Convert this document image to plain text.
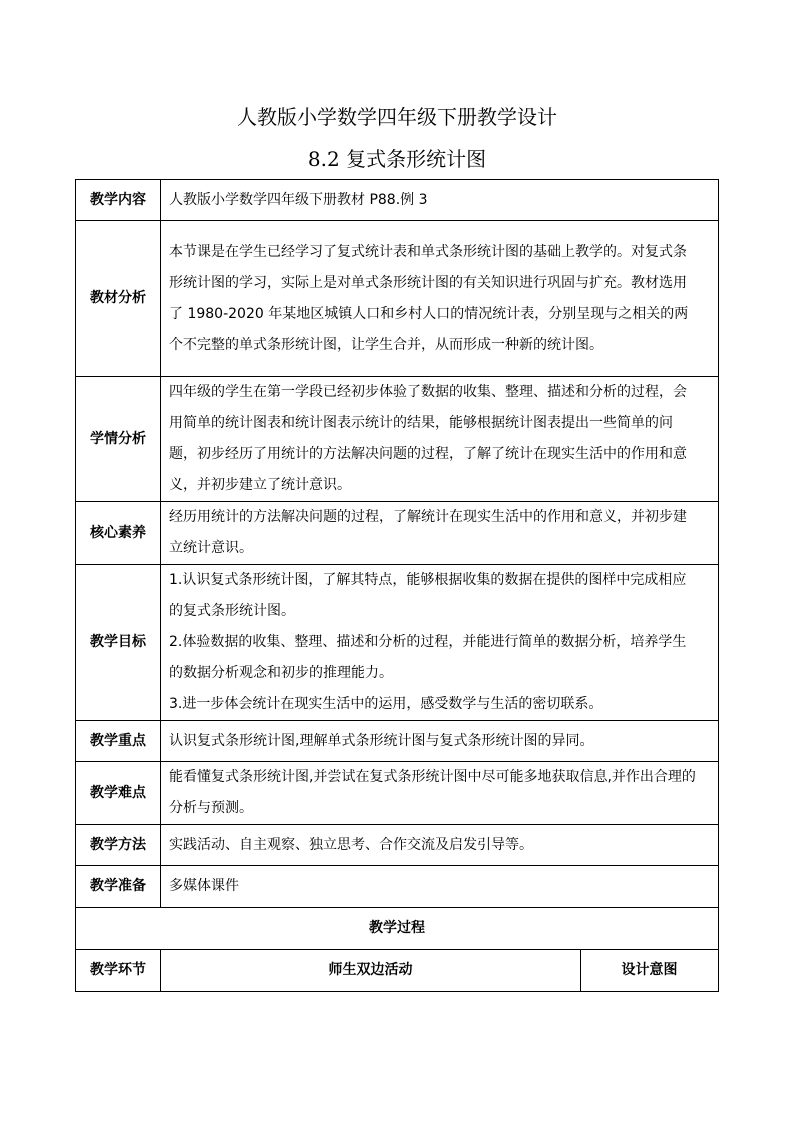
人教版小学数学四年级下册教学设计
8.2 复式条形统计图
教学内容	人教版小学数学四年级下册教材 P88.例 3	
教材分析	本节课是在学生已经学习了复式统计表和单式条形统计图的基础上教学的。对复式条形统计图的学习，实际上是对单式条形统计图的有关知识进行巩固与扩充。教材选用了 1980-2020 年某地区城镇人口和乡村人口的情况统计表，分别呈现与之相关的两个不完整的单式条形统计图，让学生合并，从而形成一种新的统计图。	
学情分析	四年级的学生在第一学段已经初步体验了数据的收集、整理、描述和分析的过程，会用简单的统计图表和统计图表示统计的结果，能够根据统计图表提出一些简单的问题，初步经历了用统计的方法解决问题的过程，了解了统计在现实生活中的作用和意义，并初步建立了统计意识。	
核心素养	经历用统计的方法解决问题的过程，了解统计在现实生活中的作用和意义，并初步建立统计意识。	
教学目标	1.认识复式条形统计图，了解其特点，能够根据收集的数据在提供的图样中完成相应的复式条形统计图。
2.体验数据的收集、整理、描述和分析的过程，并能进行简单的数据分析，培养学生的数据分析观念和初步的推理能力。
3.进一步体会统计在现实生活中的运用，感受数学与生活的密切联系。	

教学重点	认识复式条形统计图,理解单式条形统计图与复式条形统计图的异同。	
教学难点	能看懂复式条形统计图,并尝试在复式条形统计图中尽可能多地获取信息,并作出合理的分析与预测。	
教学方法	实践活动、自主观察、独立思考、合作交流及启发引导等。	
教学准备	多媒体课件	
教学过程		
教学环节	师生双边活动	设计意图
